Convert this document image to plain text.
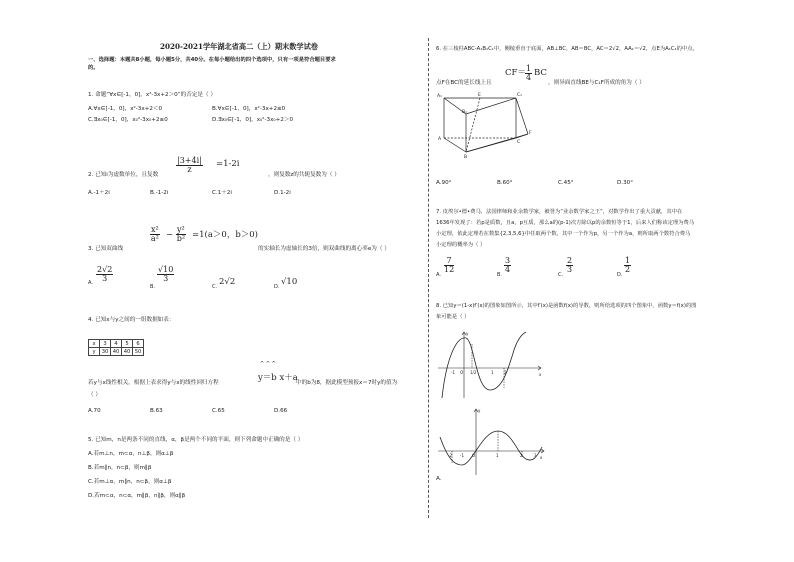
2020-2021学年湖北省高二（上）期末数学试卷
一、选择题：本题共8小题，每小题5分，共40分。在每小题给出的四个选项中，只有一项是符合题目要求
的。
1. 命题“∀x∈[-1，0]，x²-3x+2＞0”的否定是（ ）
A.∀x∈[-1，0]，x²-3x+2＜0	B.∀x∈[-1，0]，x²-3x+2≤0
C.∃x₀∈[-1，0]，x₀²-3x₀+2≤0	D.∃x₀∈[-1，0]，x₀²-3x₀+2＞0
2. 已知i为虚数单位，且复数
$\frac{|3+4i|}{z} =1-2i$
，则复数z的共轭复数为（ ）
A.-1＋2i	B.-1-2i	C.1＋2i	D.1-2i
3. 已知双曲线
$\frac{\text{x²}}{\text{a²}} - \frac{\text{y²}}{\text{b²}} =1(a>0$，b＞0)
的实轴长为虚轴长的3倍，则双曲线的离心率e为（ ）
A. $\frac{2√2}{3}$
B.
$\frac{√10}{3}$
C. 2√2	D. √10
4. 已知x与y之间的一组数据如表：
x	3	4	5	6
y	30	40	40	50
^ ^ ^
若y与x线性相关，根据上表求得y与x的线性回归方程	y＝b x＋a
中的b为8，据此模型预报x＝7时y的值为
（ ）
A.70	B.63	C.65	D.66
5. 已知m，n是两条不同的直线，α，β是两个不同的平面，则下列命题中正确的是（ ）
A.若m⊥n，m⊂α，n⊥β，则α⊥β
B.若m∥n，n⊂β，则m∥β
C.若m⊥α，m∥n，n⊂β，则α⊥β
D.若m⊂α，n⊂α，m∥β，n∥β，则α∥β
6. 在三棱柱ABC-A₁B₁C₁中，侧棱垂直于底面，AB⊥BC，AB＝BC，AC＝2√2，AA₁＝√2，点E为A₁C₁的中点，
点F在BC的延长线上且
$CF= \frac{1}{4}$ BC
，则异面直线BE与C₁F所成的角为（ ）
A₁	E	C₁
B₁
A
C
B
F
A.90°	B.60°	C.45°	D.30°
7. 皮埃尔•德•费马，法国律师和业余数学家，被誉为“业余数学家之王”，对数学作出了重大贡献，其中在
1636年发现了：若p是质数，且a，p互质，那么a的(p-1)次方除以p的余数恒等于1，后来人们称该定理为费马
小定理，依此定理若在数集{2,3,5,6}中任取两个数，其中一个作为p，另一个作为a，则所取两个数符合费马
小定理的概率为（ ）
A.
$\frac{7}{12}$
B.
$\frac{3}{4}$
C.
$\frac{2}{3}$
D.
$\frac{1}{2}$
8. 已知y＝(1-x)f′(x)的图象如图所示，其中f′(x)是函数f(x)的导数，则所给选项的四个图象中，函数y＝f(x)的图
象可能是（ ）
y
x
-1 O 1/2	1	2
y
x
-2 -1 O	1	2	3
A.
